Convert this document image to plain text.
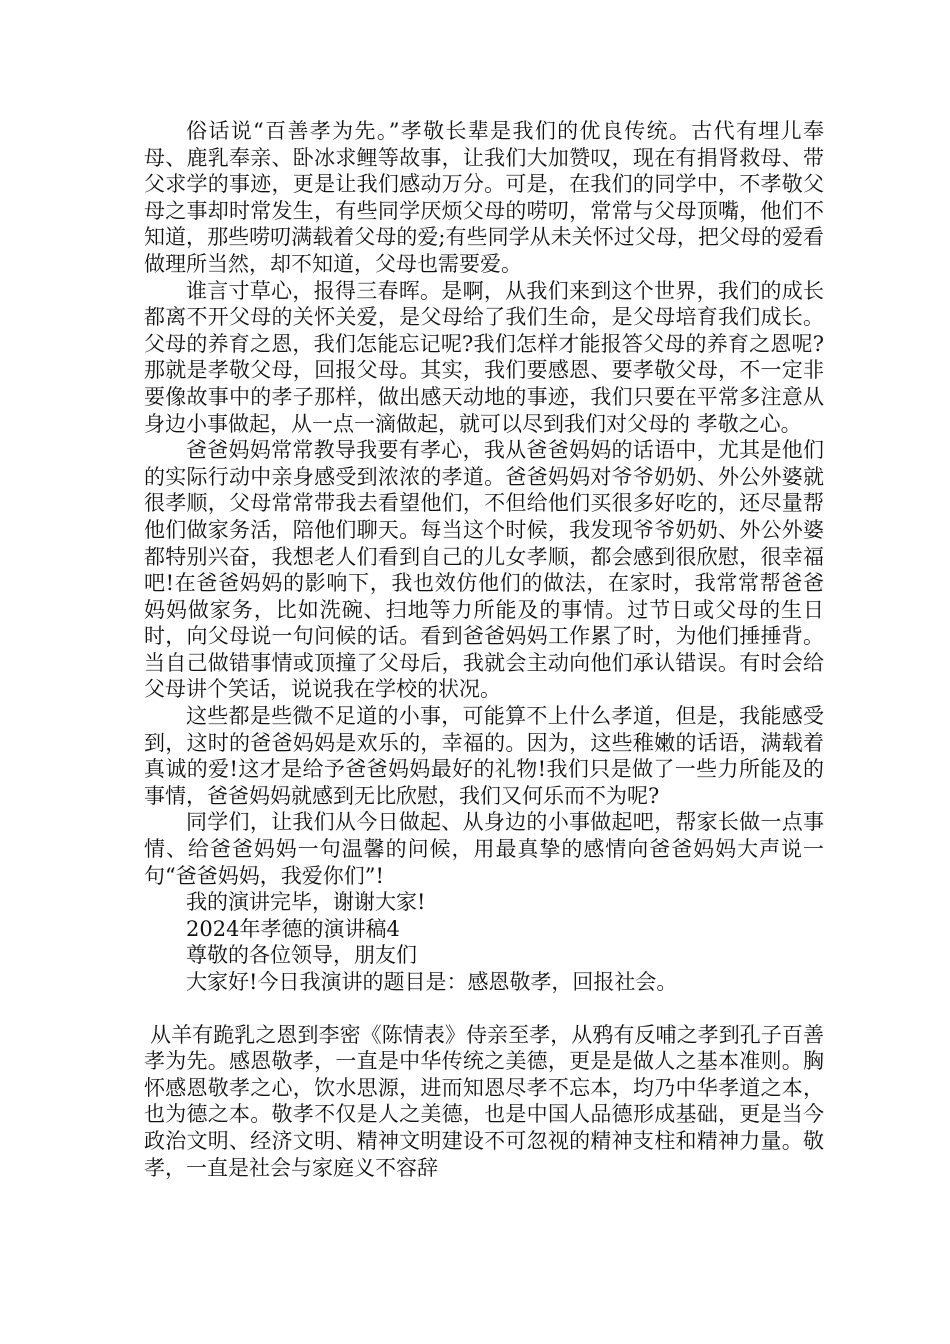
俗话说“百善孝为先。”孝敬长辈是我们的优良传统。古代有埋儿奉母、鹿乳奉亲、卧冰求鲤等故事，让我们大加赞叹，现在有捐肾救母、带父求学的事迹，更是让我们感动万分。可是，在我们的同学中，不孝敬父母之事却时常发生，有些同学厌烦父母的唠叨，常常与父母顶嘴，他们不知道，那些唠叨满载着父母的爱;有些同学从未关怀过父母，把父母的爱看做理所当然，却不知道，父母也需要爱。

谁言寸草心，报得三春晖。是啊，从我们来到这个世界，我们的成长都离不开父母的关怀关爱，是父母给了我们生命，是父母培育我们成长。父母的养育之恩，我们怎能忘记呢?我们怎样才能报答父母的养育之恩呢?那就是孝敬父母，回报父母。其实，我们要感恩、要孝敬父母，不一定非要像故事中的孝子那样，做出感天动地的事迹，我们只要在平常多注意从身边小事做起，从一点一滴做起，就可以尽到我们对父母的 孝敬之心。

爸爸妈妈常常教导我要有孝心，我从爸爸妈妈的话语中，尤其是他们的实际行动中亲身感受到浓浓的孝道。爸爸妈妈对爷爷奶奶、外公外婆就很孝顺，父母常常带我去看望他们，不但给他们买很多好吃的，还尽量帮他们做家务活，陪他们聊天。每当这个时候，我发现爷爷奶奶、外公外婆都特别兴奋，我想老人们看到自己的儿女孝顺，都会感到很欣慰，很幸福吧!在爸爸妈妈的影响下，我也效仿他们的做法，在家时，我常常帮爸爸妈妈做家务，比如洗碗、扫地等力所能及的事情。过节日或父母的生日时，向父母说一句问候的话。看到爸爸妈妈工作累了时，为他们捶捶背。当自己做错事情或顶撞了父母后，我就会主动向他们承认错误。有时会给父母讲个笑话，说说我在学校的状况。

这些都是些微不足道的小事，可能算不上什么孝道，但是，我能感受到，这时的爸爸妈妈是欢乐的，幸福的。因为，这些稚嫩的话语，满载着真诚的爱!这才是给予爸爸妈妈最好的礼物!我们只是做了一些力所能及的事情，爸爸妈妈就感到无比欣慰，我们又何乐而不为呢?

同学们，让我们从今日做起、从身边的小事做起吧，帮家长做一点事情、给爸爸妈妈一句温馨的问候，用最真挚的感情向爸爸妈妈大声说一句“爸爸妈妈，我爱你们”!

我的演讲完毕，谢谢大家!

2024年孝德的演讲稿4

尊敬的各位领导，朋友们

大家好!今日我演讲的题目是：感恩敬孝，回报社会。

从羊有跪乳之恩到李密《陈情表》侍亲至孝，从鸦有反哺之孝到孔子百善孝为先。感恩敬孝，一直是中华传统之美德，更是是做人之基本准则。胸怀感恩敬孝之心，饮水思源，进而知恩尽孝不忘本，均乃中华孝道之本，也为德之本。敬孝不仅是人之美德，也是中国人品德形成基础，更是当今政治文明、经济文明、精神文明建设不可忽视的精神支柱和精神力量。敬孝，一直是社会与家庭义不容辞
